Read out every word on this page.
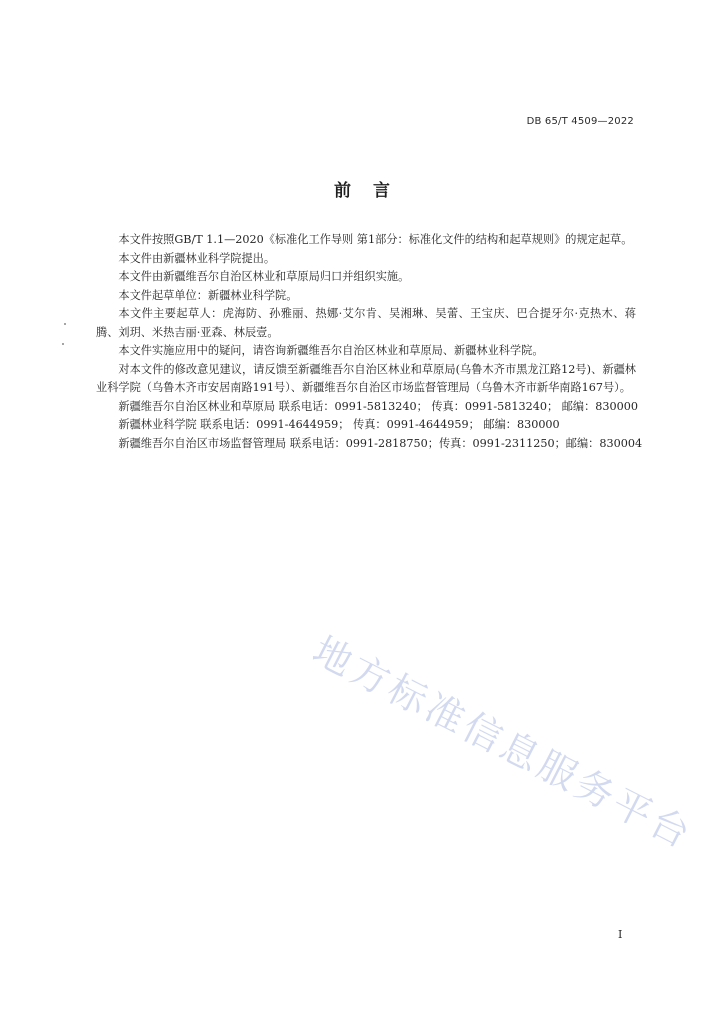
DB 65/T 4509—2022
前言

本文件按照GB/T 1.1—2020《标准化工作导则 第1部分：标准化文件的结构和起草规则》的规定起草。

本文件由新疆林业科学院提出。

本文件由新疆维吾尔自治区林业和草原局归口并组织实施。

本文件起草单位：新疆林业科学院。

本文件主要起草人：虎海防、孙雅丽、热娜·艾尔肯、吴湘琳、吴蕾、王宝庆、巴合提牙尔·克热木、蒋腾、刘玥、米热吉丽·亚森、林辰壹。

本文件实施应用中的疑问，请咨询新疆维吾尔自治区林业和草原局、新疆林业科学院。

对本文件的修改意见建议，请反馈至新疆维吾尔自治区林业和草原局(乌鲁木齐市黑龙江路12号)、新疆林业科学院（乌鲁木齐市安居南路191号）、新疆维吾尔自治区市场监督管理局（乌鲁木齐市新华南路167号）。

新疆维吾尔自治区林业和草原局 联系电话：0991-5813240； 传真：0991-5813240； 邮编：830000

新疆林业科学院 联系电话：0991-4644959； 传真：0991-4644959； 邮编：830000

新疆维吾尔自治区市场监督管理局 联系电话：0991-2818750；传真：0991-2311250；邮编：830004

地方标准信息服务平台
I
